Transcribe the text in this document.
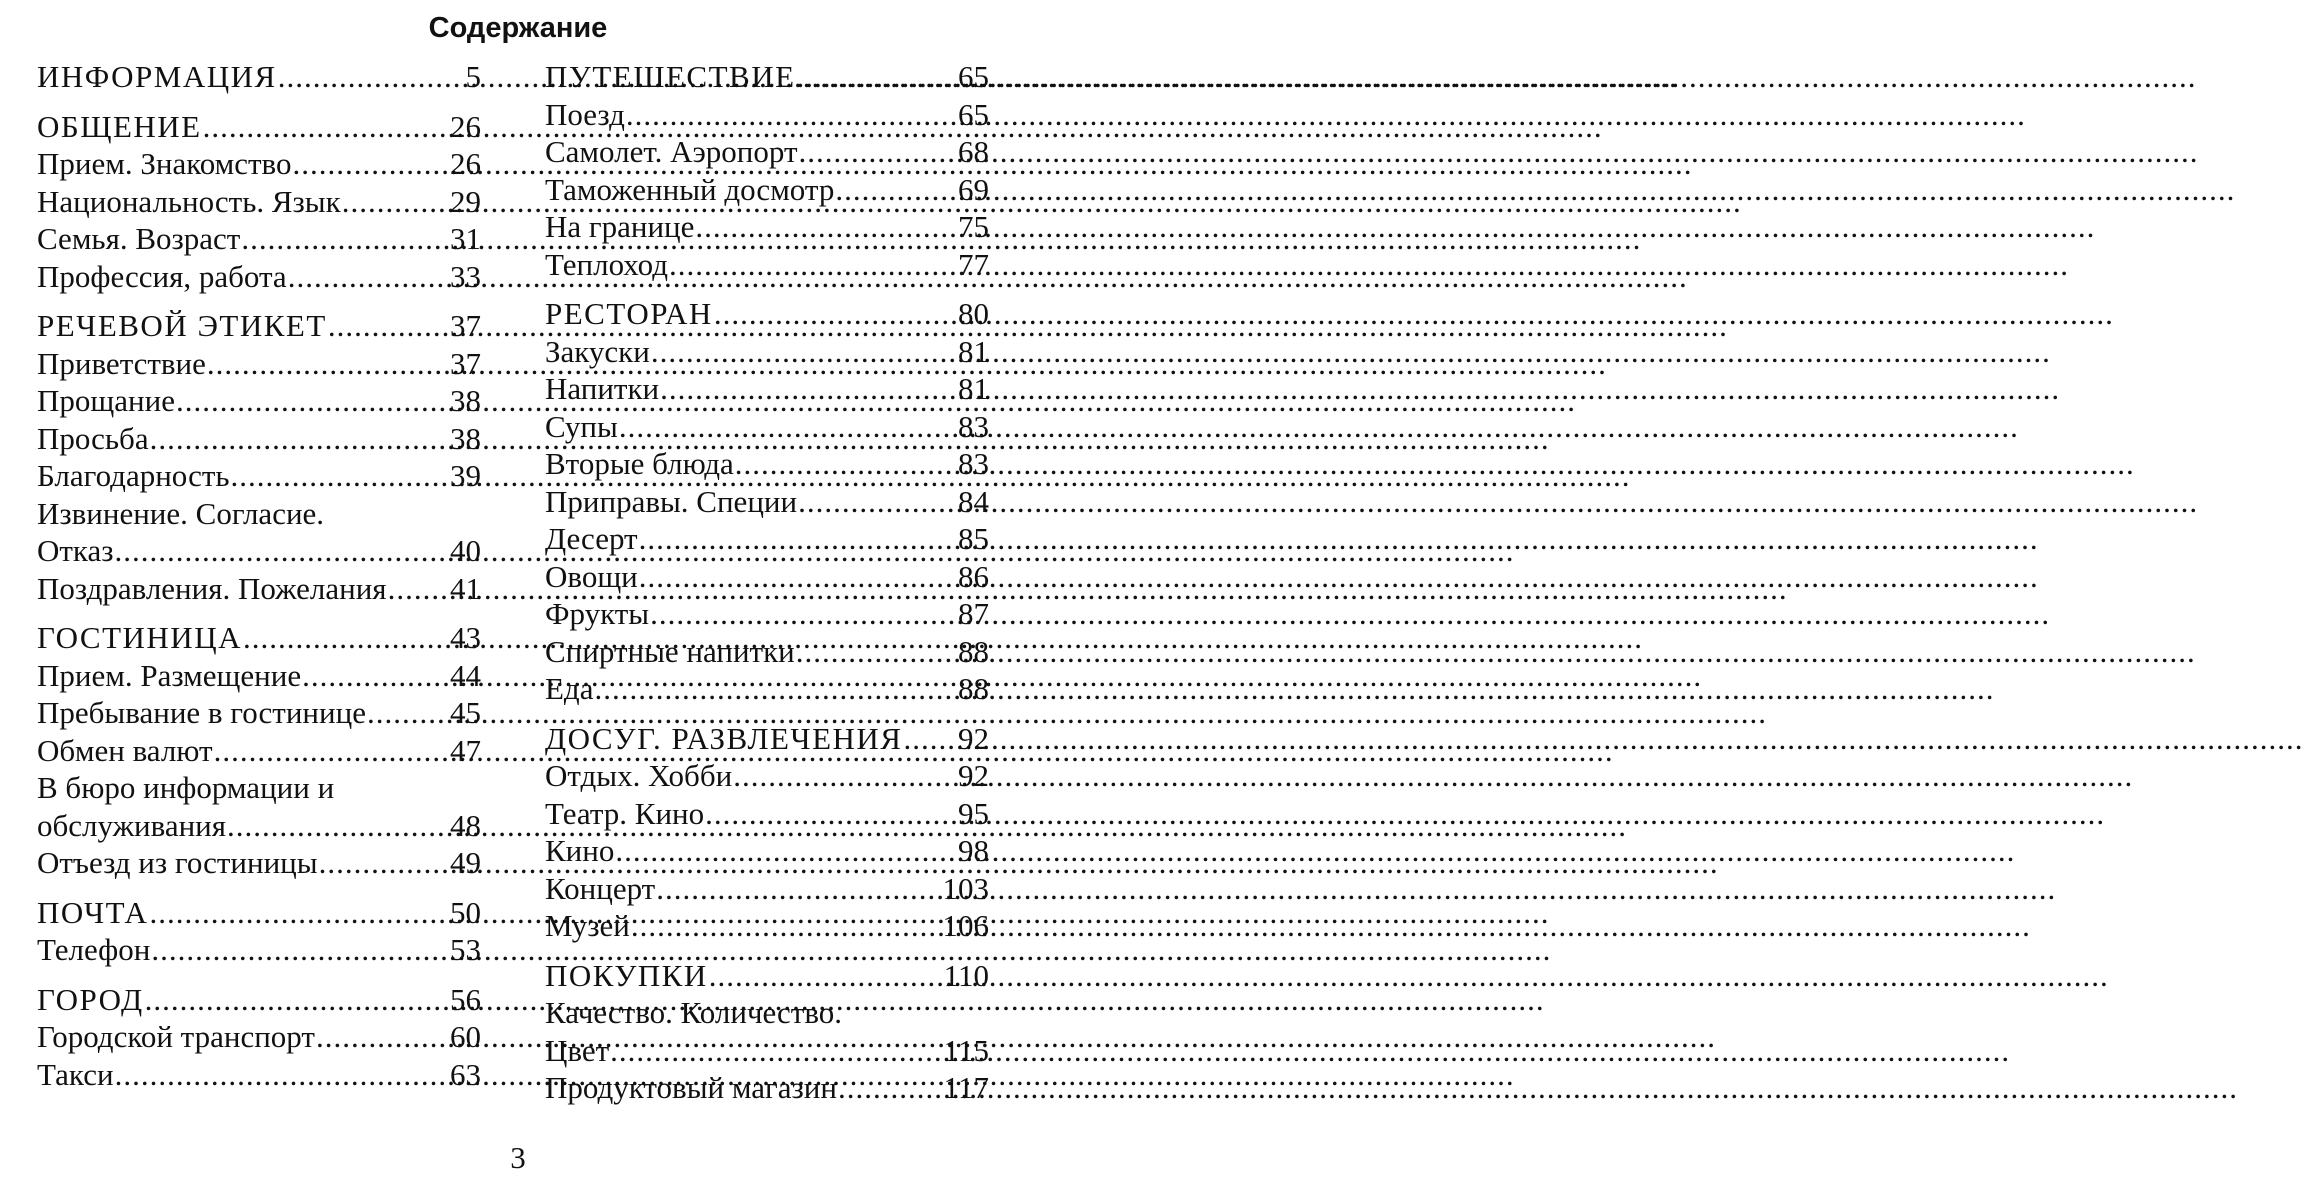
Содержание
ИНФОРМАЦИЯ .....	5
ОБЩЕНИЕ .....	26
Прием. Знакомство .....	26
Национальность. Язык .....	29
Семья. Возраст .....	31
Профессия, работа .....	33
РЕЧЕВОЙ ЭТИКЕТ .....	37
Приветствие .....	37
Прощание .....	38
Просьба .....	38
Благодарность .....	39
Извинение. Согласие.
Отказ .....	40
Поздравления. Пожелания ..... 41
ГОСТИНИЦА .....	43
Прием. Размещение .....	44
Пребывание в гостинице .....	45
Обмен валют .....	47
В бюро информации и
обслуживания .....	48
Отъезд из гостиницы .....	49
ПОЧТА .....	50
Телефон .....	53
ГОРОД .....	56
Городской транспорт .....	60
Такси .....	63
ПУТЕШЕСТВИЕ .....	65
Поезд .....	65
Самолет. Аэропорт .....	68
Таможенный досмотр .....	69
На границе .....	75
Теплоход .....	77
РЕСТОРАН .....	80
Закуски .....	81
Напитки .....	81
Супы .....	83
Вторые блюда .....	83
Приправы. Специи .....	84
Десерт .....	85
Овощи .....	86
Фрукты .....	87
Спиртные напитки .....	88
Еда .....	88
ДОСУГ. РАЗВЛЕЧЕНИЯ ..... 92
Отдых. Хобби .....	92
Театр. Кино .....	95
Кино .....	98
Концерт .....	103
Музей .....	106
ПОКУПКИ .....	110
Качество. Количество.
Цвет .....	115
Продуктовый магазин .....	117
3
